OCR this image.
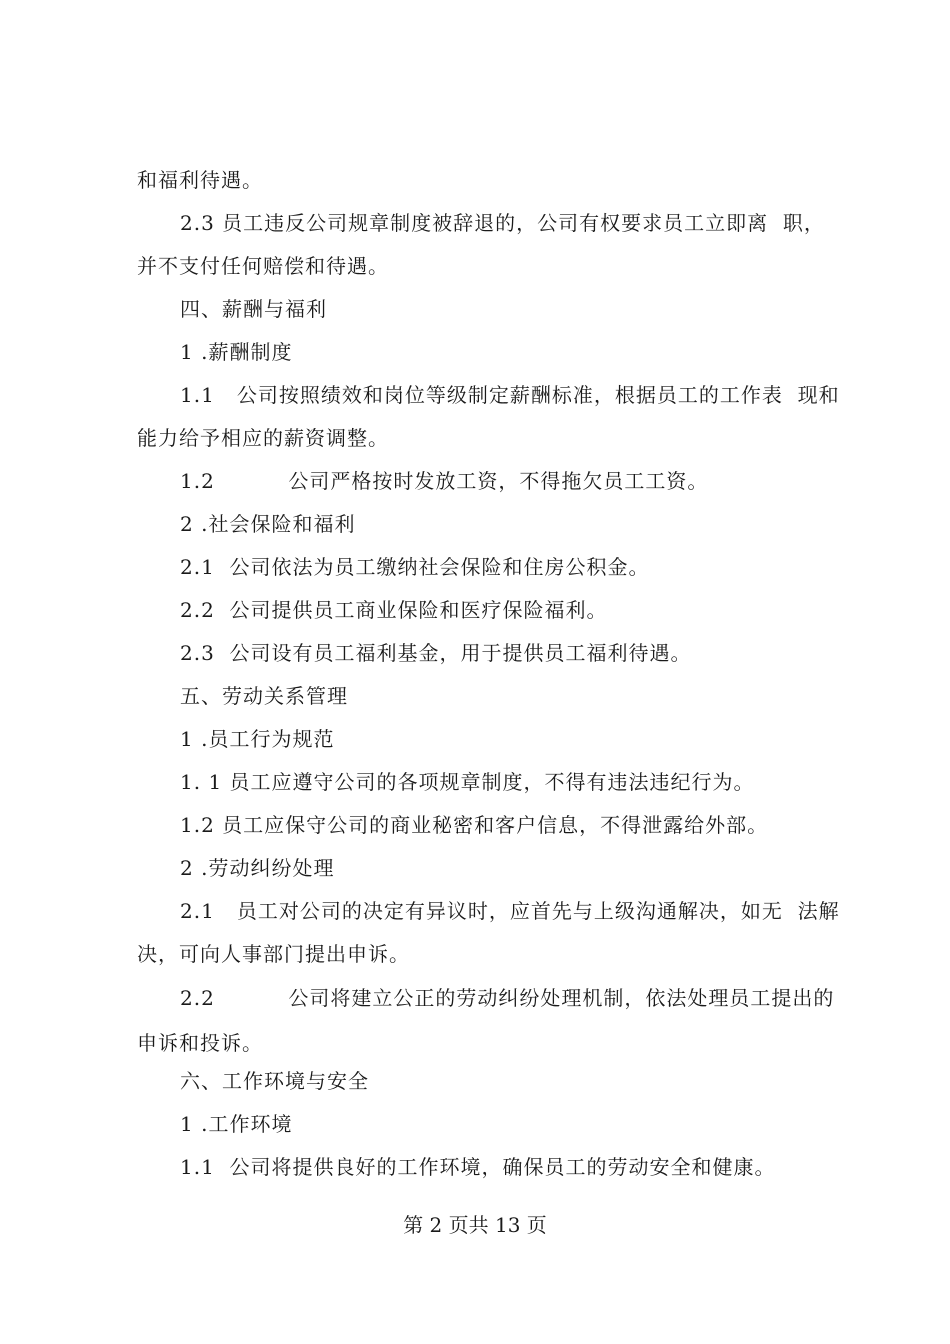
和福利待遇。
2.3 员工违反公司规章制度被辞退的，公司有权要求员工立即离  职，
并不支付任何赔偿和待遇。
四、薪酬与福利
1 .薪酬制度
1.1   公司按照绩效和岗位等级制定薪酬标准，根据员工的工作表  现和
能力给予相应的薪资调整。
1.2          公司严格按时发放工资，不得拖欠员工工资。
2 .社会保险和福利
2.1  公司依法为员工缴纳社会保险和住房公积金。
2.2  公司提供员工商业保险和医疗保险福利。
2.3  公司设有员工福利基金，用于提供员工福利待遇。
五、劳动关系管理
1 .员工行为规范
1. 1 员工应遵守公司的各项规章制度，不得有违法违纪行为。
1.2 员工应保守公司的商业秘密和客户信息，不得泄露给外部。
2 .劳动纠纷处理
2.1   员工对公司的决定有异议时，应首先与上级沟通解决，如无  法解
决，可向人事部门提出申诉。
2.2          公司将建立公正的劳动纠纷处理机制，依法处理员工提出的
申诉和投诉。
六、工作环境与安全
1 .工作环境
1.1  公司将提供良好的工作环境，确保员工的劳动安全和健康。
第 2 页共 13 页
